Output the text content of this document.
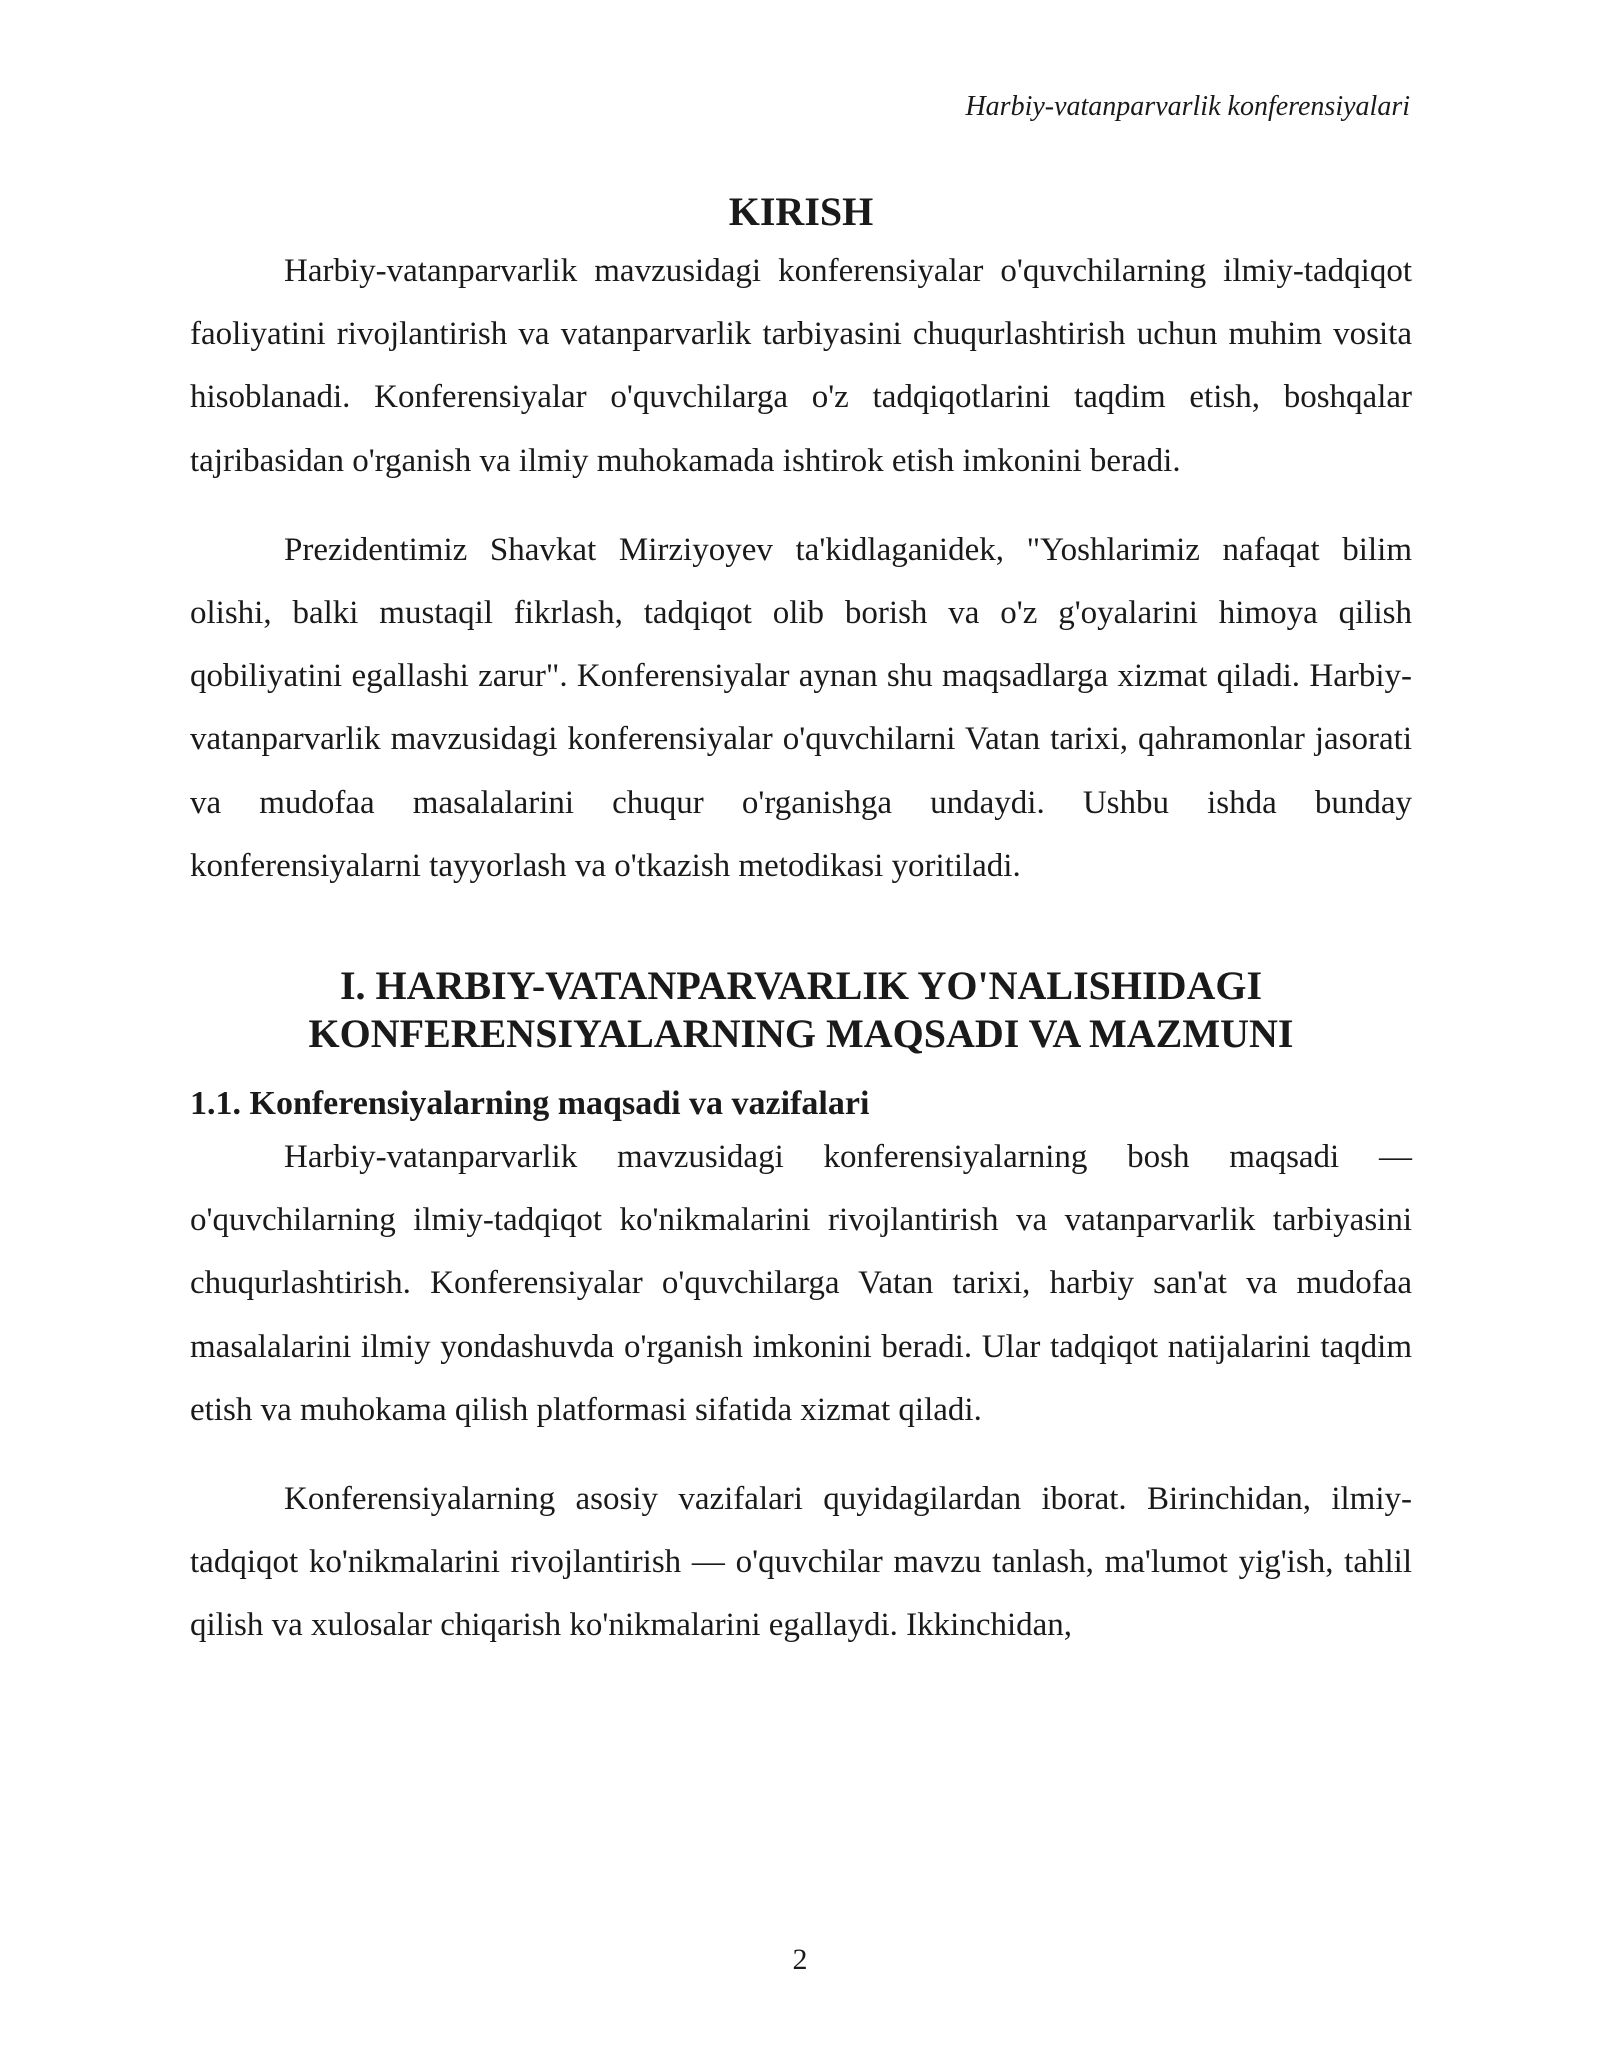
Harbiy-vatanparvarlik konferensiyalari
KIRISH

Harbiy-vatanparvarlik mavzusidagi konferensiyalar o'quvchilarning ilmiy-tadqiqot faoliyatini rivojlantirish va vatanparvarlik tarbiyasini chuqurlashtirish uchun muhim vosita hisoblanadi. Konferensiyalar o'quvchilarga o'z tadqiqotlarini taqdim etish, boshqalar tajribasidan o'rganish va ilmiy muhokamada ishtirok etish imkonini beradi.

Prezidentimiz Shavkat Mirziyoyev ta'kidlaganidek, "Yoshlarimiz nafaqat bilim olishi, balki mustaqil fikrlash, tadqiqot olib borish va o'z g'oyalarini himoya qilish qobiliyatini egallashi zarur". Konferensiyalar aynan shu maqsadlarga xizmat qiladi. Harbiy-vatanparvarlik mavzusidagi konferensiyalar o'quvchilarni Vatan tarixi, qahramonlar jasorati va mudofaa masalalarini chuqur o'rganishga undaydi. Ushbu ishda bunday konferensiyalarni tayyorlash va o'tkazish metodikasi yoritiladi.

I. HARBIY-VATANPARVARLIK YO'NALISHIDAGI
KONFERENSIYALARNING MAQSADI VA MAZMUNI
1.1. Konferensiyalarning maqsadi va vazifalari

Harbiy-vatanparvarlik mavzusidagi konferensiyalarning bosh maqsadi — o'quvchilarning ilmiy-tadqiqot ko'nikmalarini rivojlantirish va vatanparvarlik tarbiyasini chuqurlashtirish. Konferensiyalar o'quvchilarga Vatan tarixi, harbiy san'at va mudofaa masalalarini ilmiy yondashuvda o'rganish imkonini beradi. Ular tadqiqot natijalarini taqdim etish va muhokama qilish platformasi sifatida xizmat qiladi.

Konferensiyalarning asosiy vazifalari quyidagilardan iborat. Birinchidan, ilmiy-tadqiqot ko'nikmalarini rivojlantirish — o'quvchilar mavzu tanlash, ma'lumot yig'ish, tahlil qilish va xulosalar chiqarish ko'nikmalarini egallaydi. Ikkinchidan,

2
